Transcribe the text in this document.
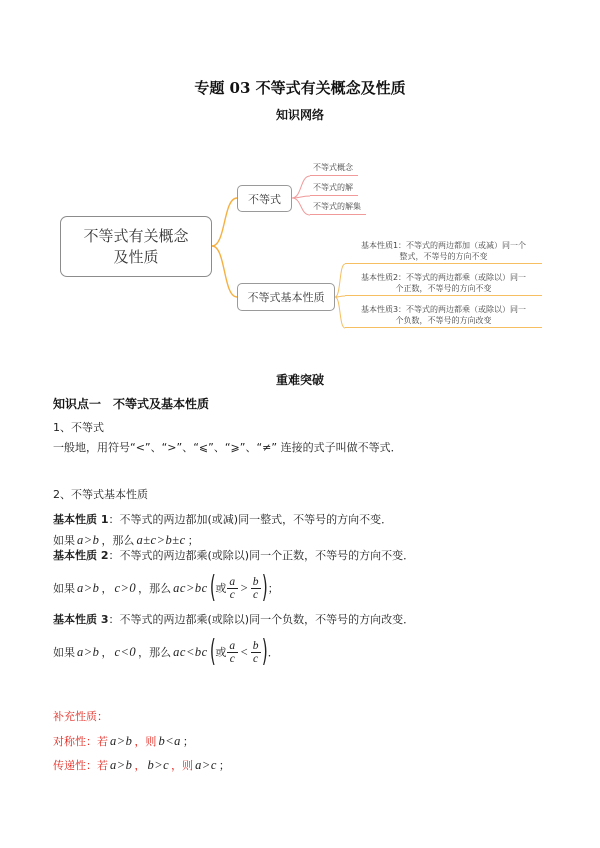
专题 03 不等式有关概念及性质
知识网络
不等式有关概念
及性质
不等式
不等式基本性质
不等式概念
不等式的解
不等式的解集
基本性质1：不等式的两边都加（或减）同一个
整式，不等号的方向不变
基本性质2：不等式的两边都乘（或除以）同一
个正数，不等号的方向不变
基本性质3：不等式的两边都乘（或除以）同一
个负数，不等号的方向改变
重难突破
知识点一　不等式及基本性质
1、不等式
一般地，用符号“<”、“>”、“⩽”、“⩾”、“≠” 连接的式子叫做不等式．
2、不等式基本性质
基本性质 1：不等式的两边都加(或减)同一整式，不等号的方向不变．
如果 a>b ，那么 a±c>b±c ；
基本性质 2：不等式的两边都乘(或除以)同一个正数，不等号的方向不变．
如果 a>b ， c>0 ，那么 ac>bc ( 或 $\frac{a}{c} > \frac{b}{c}$ ) ；
基本性质 3：不等式的两边都乘(或除以)同一个负数，不等号的方向改变．
如果 a>b ， c<0 ，那么 ac<bc ( 或 $\frac{a}{c} < \frac{b}{c}$ ) ．
补充性质：
对称性： 若 a>b ，则 b<a ；
传递性： 若 a>b ， b>c ，则 a>c ；
